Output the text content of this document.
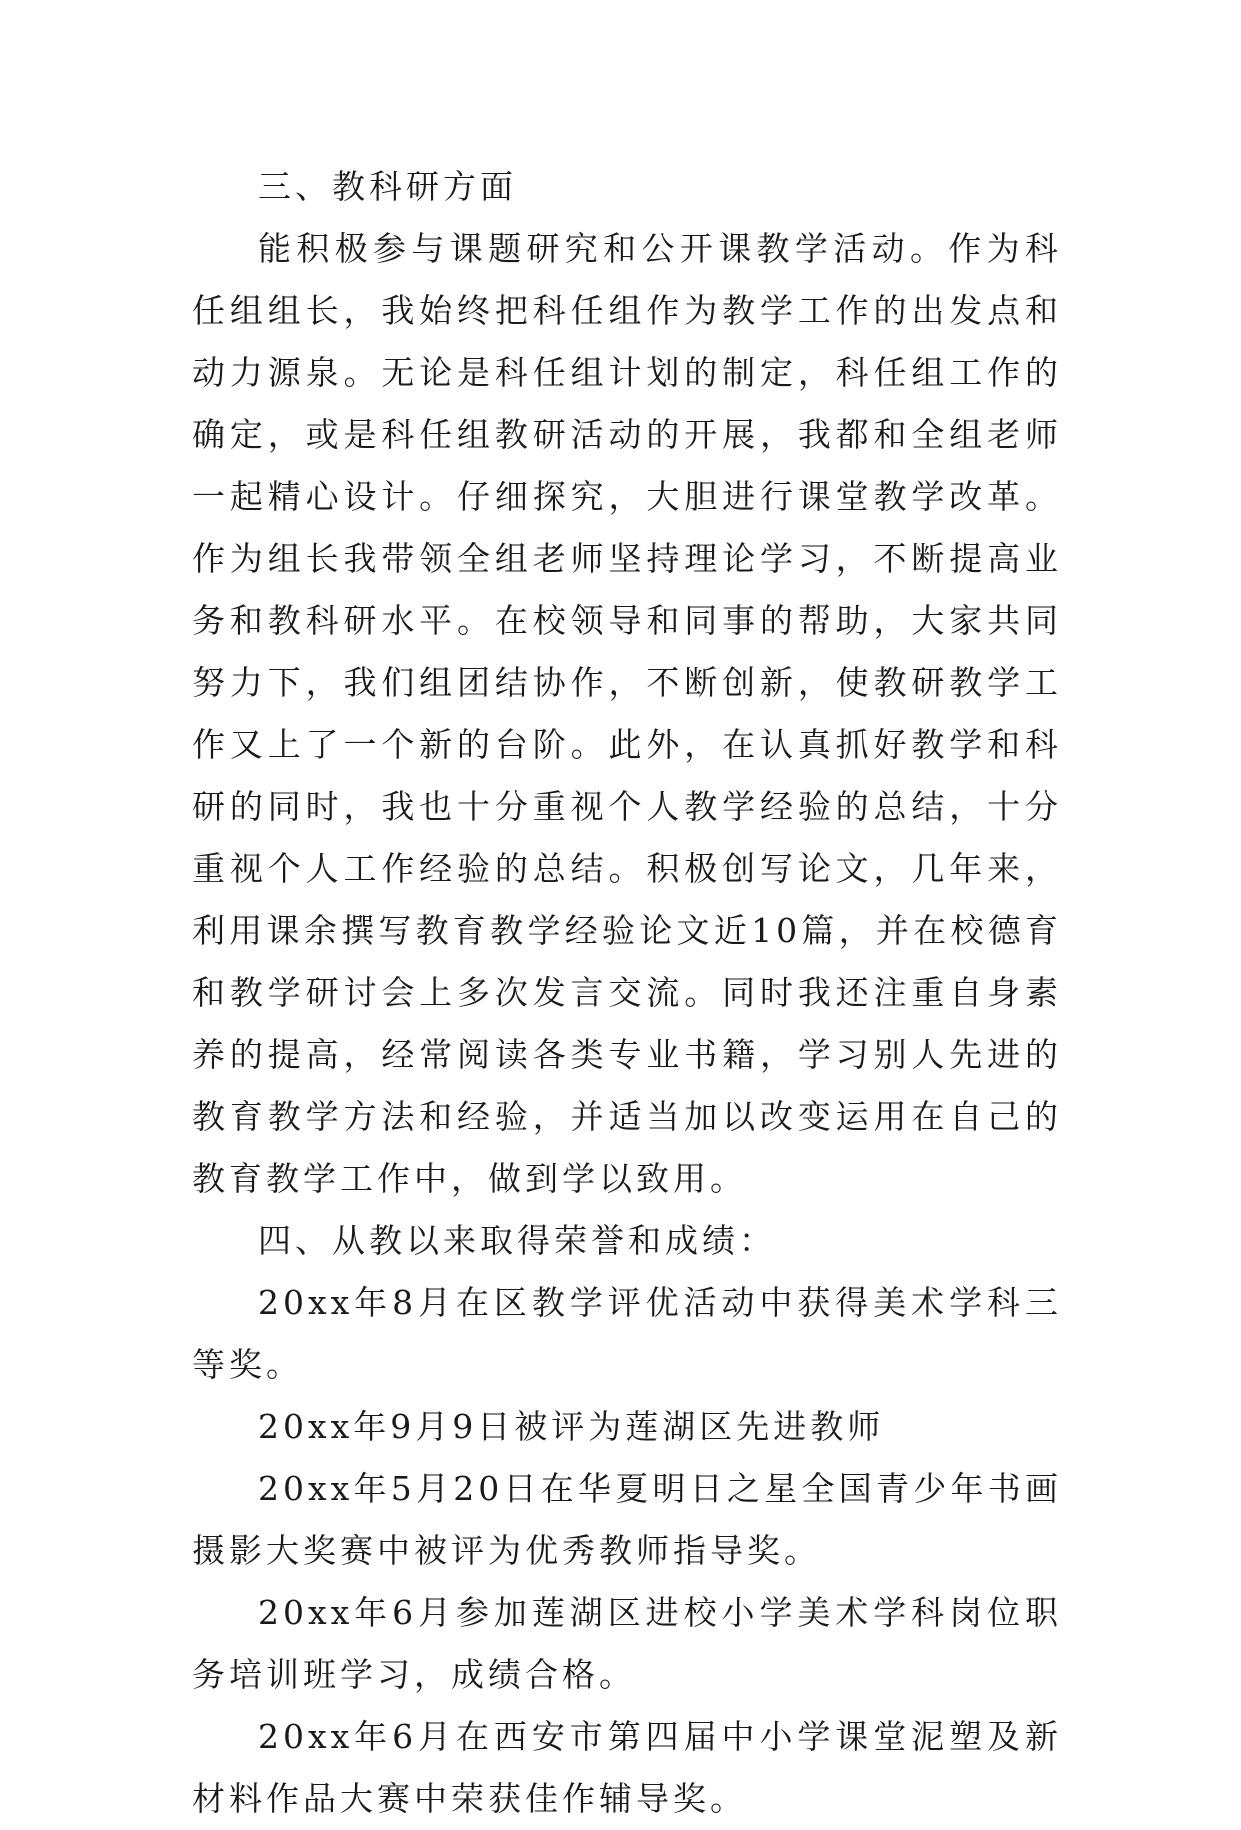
三、教科研方面

能积极参与课题研究和公开课教学活动。作为科任组组长，我始终把科任组作为教学工作的出发点和动力源泉。无论是科任组计划的制定，科任组工作的确定，或是科任组教研活动的开展，我都和全组老师一起精心设计。仔细探究，大胆进行课堂教学改革。作为组长我带领全组老师坚持理论学习，不断提高业务和教科研水平。在校领导和同事的帮助，大家共同努力下，我们组团结协作，不断创新，使教研教学工作又上了一个新的台阶。此外，在认真抓好教学和科研的同时，我也十分重视个人教学经验的总结，十分重视个人工作经验的总结。积极创写论文，几年来，利用课余撰写教育教学经验论文近10篇，并在校德育和教学研讨会上多次发言交流。同时我还注重自身素养的提高，经常阅读各类专业书籍，学习别人先进的教育教学方法和经验，并适当加以改变运用在自己的教育教学工作中，做到学以致用。

四、从教以来取得荣誉和成绩：

20xx年8月在区教学评优活动中获得美术学科三等奖。

20xx年9月9日被评为莲湖区先进教师

20xx年5月20日在华夏明日之星全国青少年书画摄影大奖赛中被评为优秀教师指导奖。

20xx年6月参加莲湖区进校小学美术学科岗位职务培训班学习，成绩合格。

20xx年6月在西安市第四届中小学课堂泥塑及新材料作品大赛中荣获佳作辅导奖。
